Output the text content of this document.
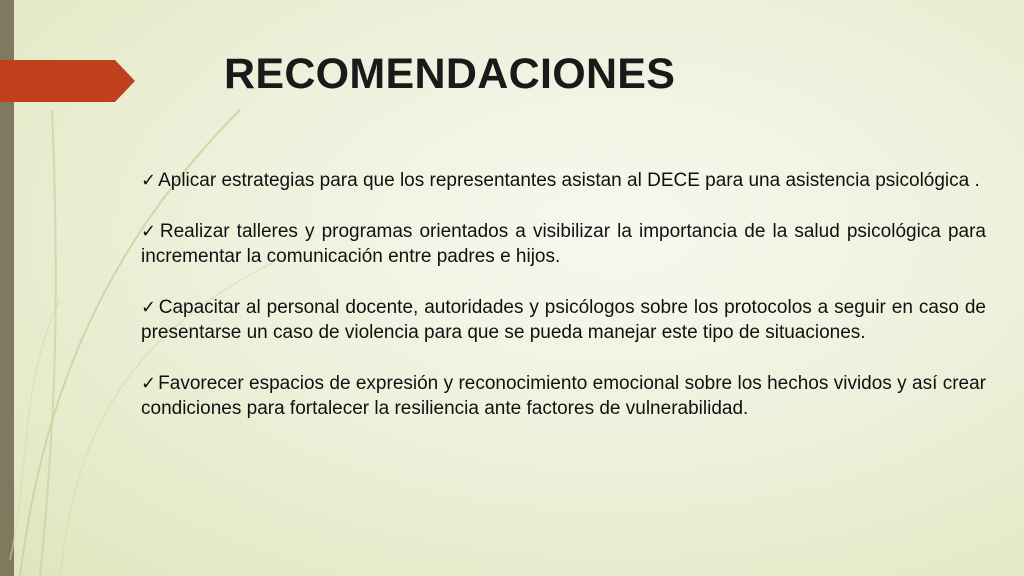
RECOMENDACIONES
✓ Aplicar estrategias para que los representantes asistan al DECE para una asistencia psicológica .
✓ Realizar talleres y programas orientados a visibilizar la importancia de la salud psicológica para incrementar la comunicación entre padres e hijos.
✓ Capacitar al personal docente, autoridades y psicólogos sobre los protocolos a seguir en caso de presentarse un caso de violencia para que se pueda manejar este tipo de situaciones.
✓ Favorecer espacios de expresión y reconocimiento emocional sobre los hechos vividos y así crear condiciones para fortalecer la resiliencia ante factores de vulnerabilidad.
